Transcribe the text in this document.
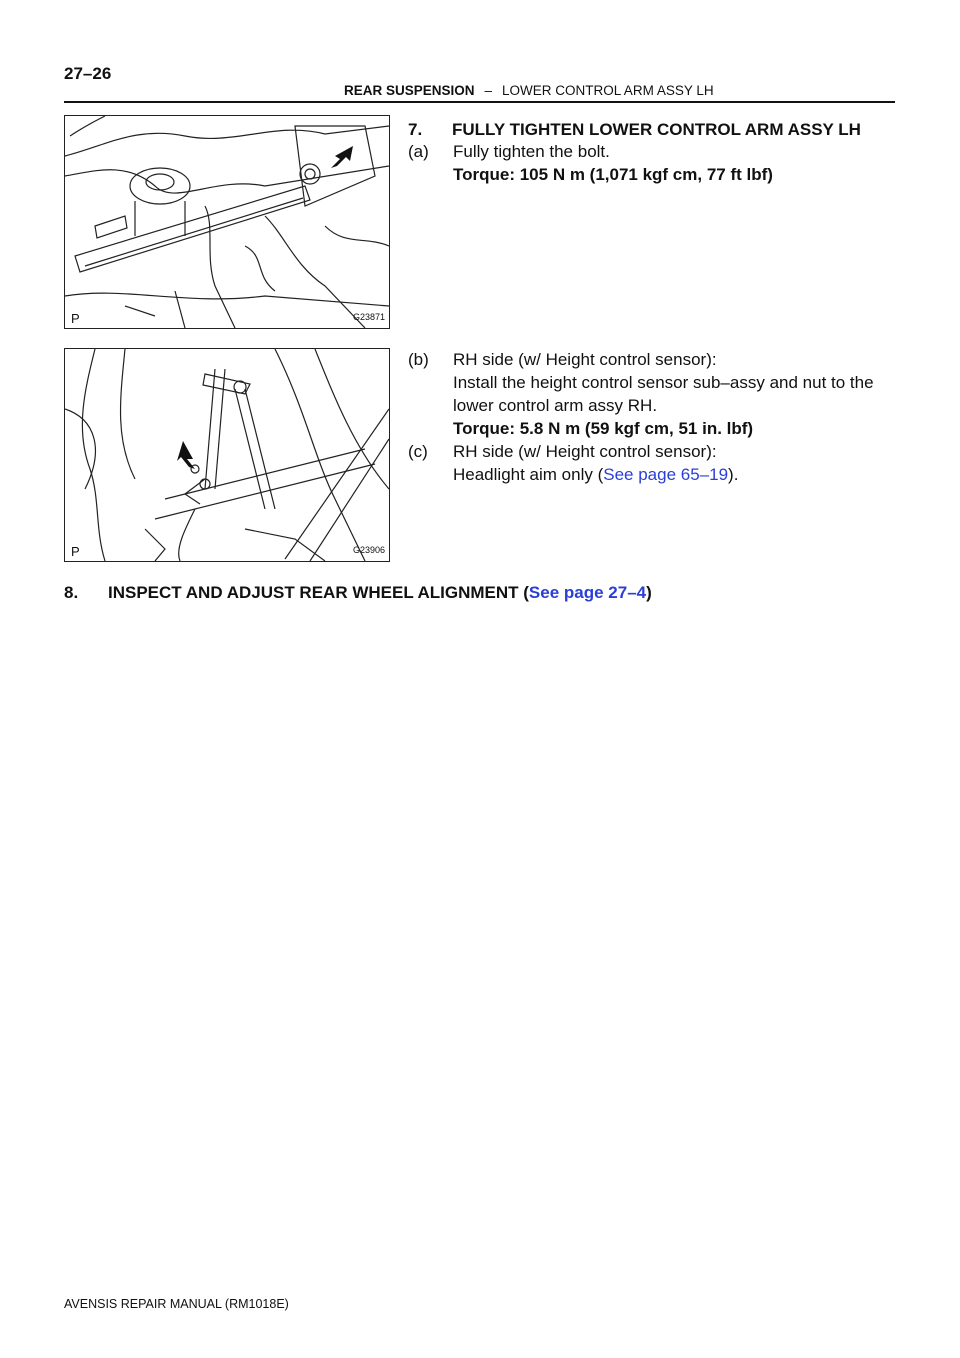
27–26
REAR SUSPENSION – LOWER CONTROL ARM ASSY LH
P	G23871
P	G23906
7. FULLY TIGHTEN LOWER CONTROL ARM ASSY LH
(a) Fully tighten the bolt.
Torque: 105 N m (1,071 kgf cm, 77 ft lbf)
(b) RH side (w/ Height control sensor):
Install the height control sensor sub–assy and nut to the
lower control arm assy RH.
Torque: 5.8 N m (59 kgf cm, 51 in. lbf)
(c) RH side (w/ Height control sensor):
Headlight aim only (See page 65–19).
8. INSPECT AND ADJUST REAR WHEEL ALIGNMENT (See page 27–4)
AVENSIS REPAIR MANUAL (RM1018E)
